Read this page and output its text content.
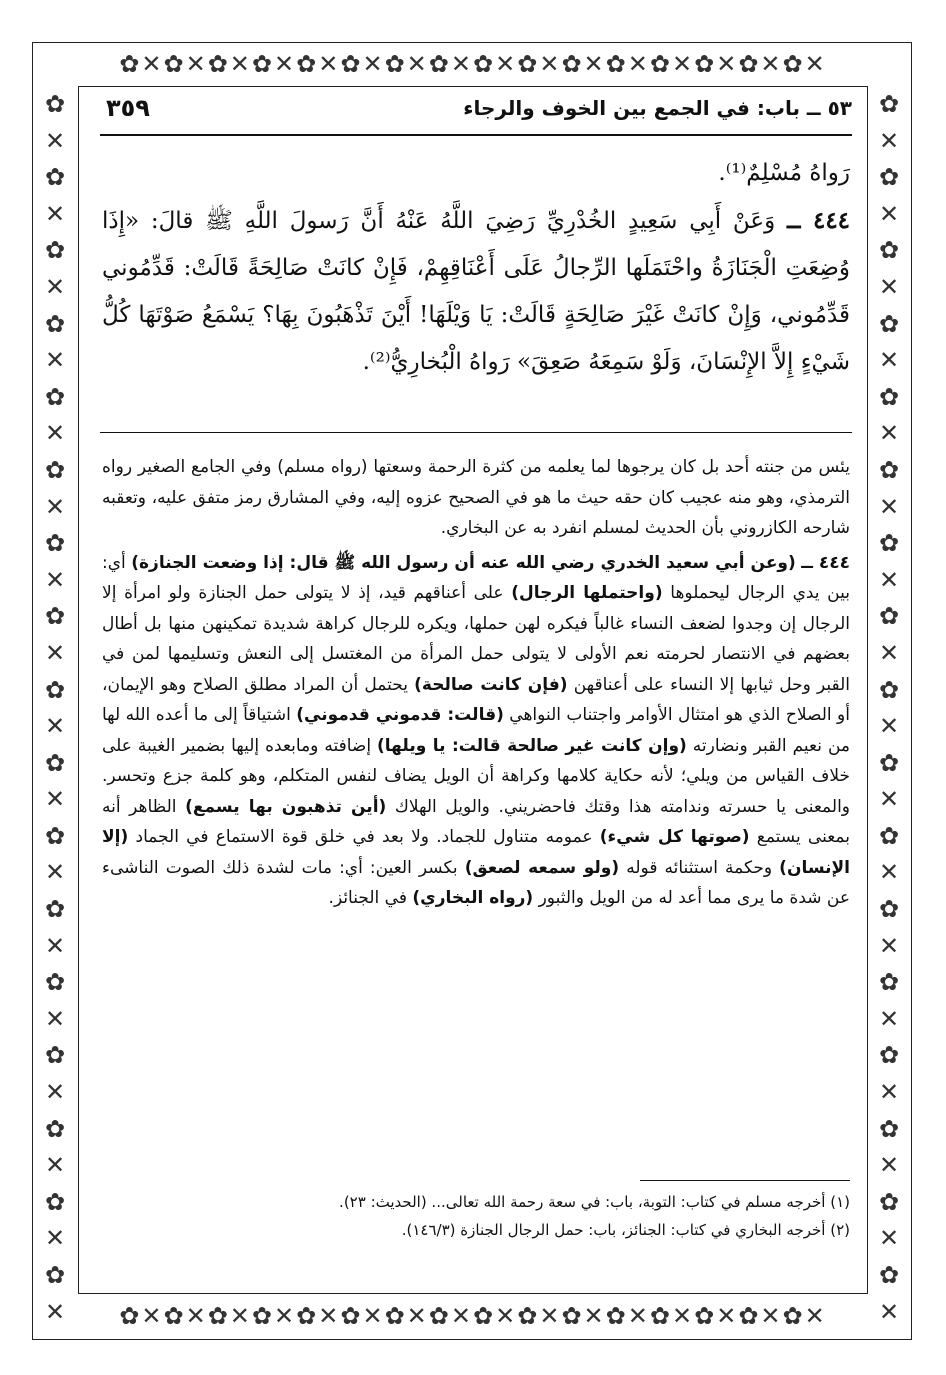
✿✕✿✕✿✕✿✕✿✕✿✕✿✕✿✕✿✕✿✕✿✕✿✕✿✕✿✕✿✕✿✕
✿✕✿✕✿✕✿✕✿✕✿✕✿✕✿✕✿✕✿✕✿✕✿✕✿✕✿✕✿✕✿✕
✿✕✿✕✿✕✿✕✿✕✿✕✿✕✿✕✿✕✿✕✿✕✿✕✿✕✿✕✿✕✿✕✿✕
✿✕✿✕✿✕✿✕✿✕✿✕✿✕✿✕✿✕✿✕✿✕✿✕✿✕✿✕✿✕✿✕✿✕
٥٣ ــ باب: في الجمع بين الخوف والرجاء
٣٥٩

رَواهُ مُسْلِمٌ⁽¹⁾.

٤٤٤ ــ وَعَنْ أَبِي سَعِيدٍ الخُدْرِيِّ رَضِيَ اللَّهُ عَنْهُ أَنَّ رَسولَ اللَّهِ ﷺ قالَ: «إِذَا وُضِعَتِ الْجَنَازَةُ واحْتَمَلَها الرِّجالُ عَلَى أَعْنَاقِهِمْ، فَإِنْ كانَتْ صَالِحَةً قَالَتْ: قَدِّمُوني قَدِّمُوني، وَإِنْ كانَتْ غَيْرَ صَالِحَةٍ قَالَتْ: يَا وَيْلَهَا! أَيْنَ تَذْهَبُونَ بِهَا؟ يَسْمَعُ صَوْتَهَا كُلُّ شَيْءٍ إِلاَّ الإِنْسَانَ، وَلَوْ سَمِعَهُ صَعِقَ» رَواهُ الْبُخارِيُّ⁽²⁾.

يئس من جنته أحد بل كان يرجوها لما يعلمه من كثرة الرحمة وسعتها (رواه مسلم) وفي الجامع الصغير رواه الترمذي، وهو منه عجيب كان حقه حيث ما هو في الصحيح عزوه إليه، وفي المشارق رمز متفق عليه، وتعقبه شارحه الكازروني بأن الحديث لمسلم انفرد به عن البخاري.

٤٤٤ ــ (وعن أبي سعيد الخدري رضي الله عنه أن رسول الله ﷺ قال: إذا وضعت الجنازة) أي: بين يدي الرجال ليحملوها (واحتملها الرجال) على أعناقهم قيد، إذ لا يتولى حمل الجنازة ولو امرأة إلا الرجال إن وجدوا لضعف النساء غالباً فيكره لهن حملها، ويكره للرجال كراهة شديدة تمكينهن منها بل أطال بعضهم في الانتصار لحرمته نعم الأولى لا يتولى حمل المرأة من المغتسل إلى النعش وتسليمها لمن في القبر وحل ثيابها إلا النساء على أعناقهن (فإن كانت صالحة) يحتمل أن المراد مطلق الصلاح وهو الإيمان، أو الصلاح الذي هو امتثال الأوامر واجتناب النواهي (قالت: قدموني قدموني) اشتياقاً إلى ما أعده الله لها من نعيم القبر ونضارته (وإن كانت غير صالحة قالت: يا ويلها) إضافته ومابعده إليها بضمير الغيبة على خلاف القياس من ويلي؛ لأنه حكاية كلامها وكراهة أن الويل يضاف لنفس المتكلم، وهو كلمة جزع وتحسر. والمعنى يا حسرته وندامته هذا وقتك فاحضريني. والويل الهلاك (أين تذهبون بها يسمع) الظاهر أنه بمعنى يستمع (صوتها كل شيء) عمومه متناول للجماد. ولا بعد في خلق قوة الاستماع في الجماد (إلا الإنسان) وحكمة استثنائه قوله (ولو سمعه لصعق) بكسر العين: أي: مات لشدة ذلك الصوت الناشىء عن شدة ما يرى مما أعد له من الويل والثبور (رواه البخاري) في الجنائز.

(١) أخرجه مسلم في كتاب: التوبة، باب: في سعة رحمة الله تعالى... (الحديث: ٢٣).

(٢) أخرجه البخاري في كتاب: الجنائز، باب: حمل الرجال الجنازة (١٤٦/٣).
